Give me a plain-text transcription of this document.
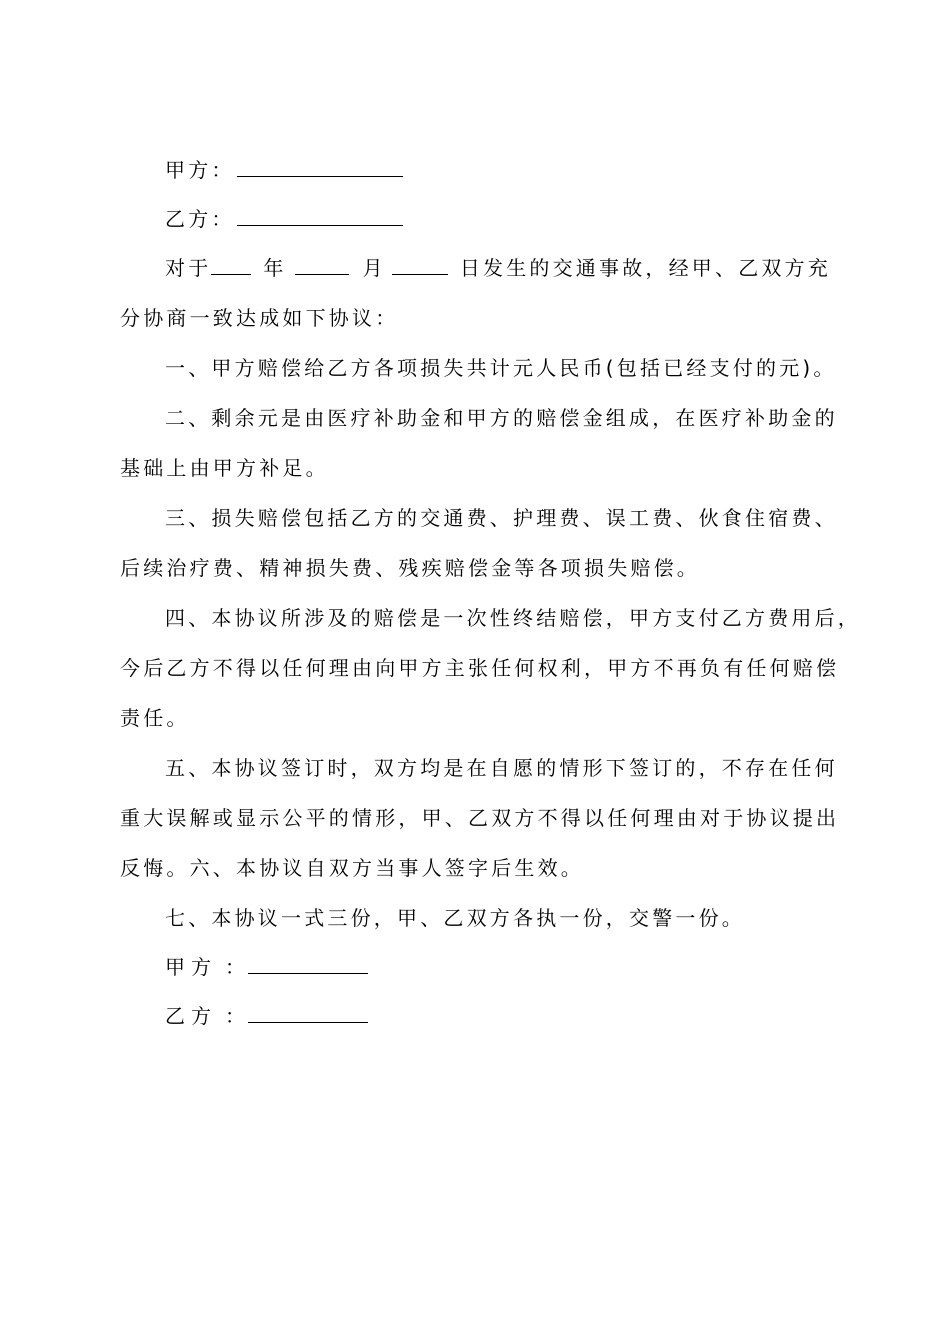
甲方：
乙方：
对于	年	月	日发生的交通事故，经甲、乙双方充
分协商一致达成如下协议：
一、甲方赔偿给乙方各项损失共计元人民币(包括已经支付的元)。
二、剩余元是由医疗补助金和甲方的赔偿金组成，在医疗补助金的
基础上由甲方补足。
三、损失赔偿包括乙方的交通费、护理费、误工费、伙食住宿费、
后续治疗费、精神损失费、残疾赔偿金等各项损失赔偿。
四、本协议所涉及的赔偿是一次性终结赔偿，甲方支付乙方费用后，
今后乙方不得以任何理由向甲方主张任何权利，甲方不再负有任何赔偿
责任。
五、本协议签订时，双方均是在自愿的情形下签订的，不存在任何
重大误解或显示公平的情形，甲、乙双方不得以任何理由对于协议提出
反悔。六、本协议自双方当事人签字后生效。
七、本协议一式三份，甲、乙双方各执一份，交警一份。
甲方 ：
乙方 ：
